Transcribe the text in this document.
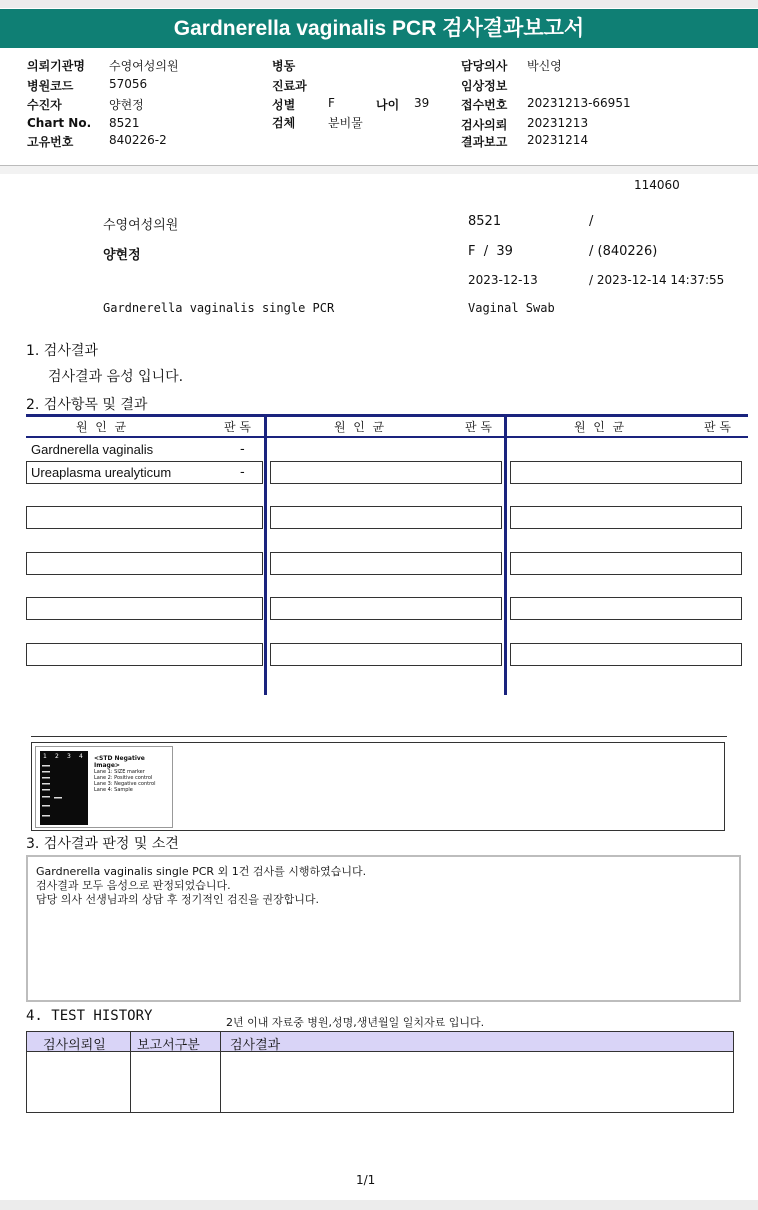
Gardnerella vaginalis PCR 검사결과보고서
의뢰기관명 수영여성의원
병원코드	57056
수진자	양현정
Chart No. 8521
고유번호	840226-2
병동
진료과
성별	F	나이 39
검체	분비물
담당의사 박신영
임상정보
접수번호 20231213-66951
검사의뢰 20231213
결과보고 20231214
114060
수영여성의원	8521	/
양현정	F  /  39	/ (840226)
2023-12-13	/ 2023-12-14 14:37:55
Gardnerella vaginalis single PCR	Vaginal Swab
1. 검사결과
검사결과 음성 입니다.
2. 검사항목 및 결과
원  인  균	판 독	원  인  균	판 독	원  인  균	판 독
Gardnerella vaginalis	-
Ureaplasma urealyticum	-
1 2 3 4 <STD Negative Image>
Lane 1: SIZE marker
Lane 2: Positive control
Lane 3: Negative control
Lane 4: Sample
3. 검사결과 판정 및 소견
Gardnerella vaginalis single PCR 외 1건 검사를 시행하였습니다.
검사결과 모두 음성으로 판정되었습니다.
담당 의사 선생님과의 상담 후 정기적인 검진을 권장합니다.
4. TEST HISTORY	2년 이내 자료중 병원,성명,생년월일 일치자료 입니다.
검사의뢰일 보고서구분 검사결과
1/1
